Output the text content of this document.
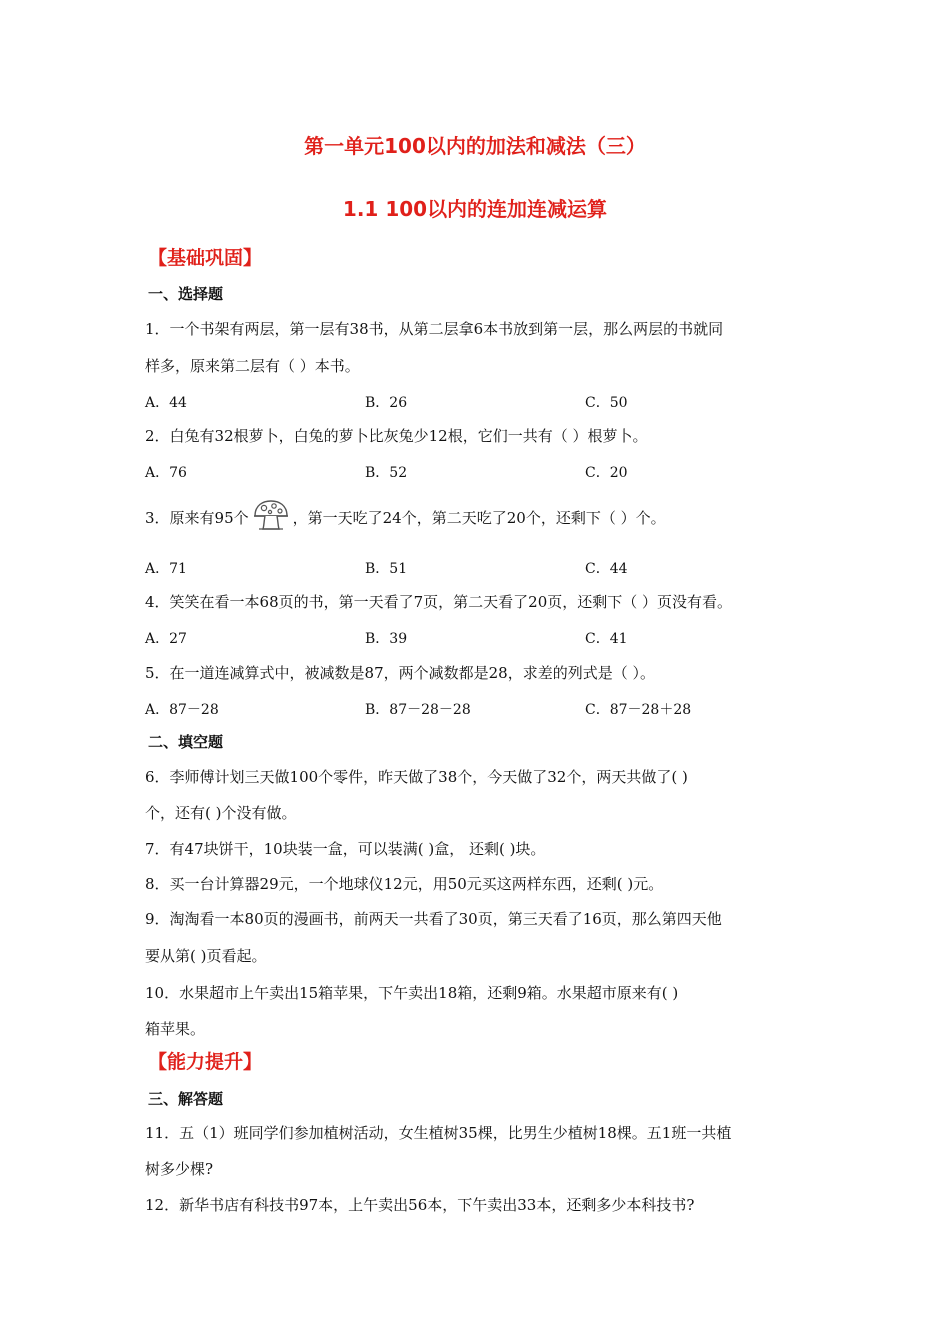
第一单元100以内的加法和减法（三）
1.1 100以内的连加连减运算
【基础巩固】
一、选择题
1．一个书架有两层，第一层有38书，从第二层拿6本书放到第一层，那么两层的书就同
样多，原来第二层有（ ）本书。
A．44	B．26	C．50
2．白兔有32根萝卜，白兔的萝卜比灰兔少12根，它们一共有（ ）根萝卜。
A．76	B．52	C．20
3．原来有95个	，第一天吃了24个，第二天吃了20个，还剩下（ ）个。
A．71	B．51	C．44
4．笑笑在看一本68页的书，第一天看了7页，第二天看了20页，还剩下（ ）页没有看。
A．27	B．39	C．41
5．在一道连减算式中，被减数是87，两个减数都是28，求差的列式是（ ）。
A．87－28	B．87－28－28	C．87－28＋28
二、填空题
6．李师傅计划三天做100个零件，昨天做了38个，今天做了32个，两天共做了( )
个，还有( )个没有做。
7．有47块饼干，10块装一盒，可以装满( )盒， 还剩( )块。
8．买一台计算器29元，一个地球仪12元，用50元买这两样东西，还剩( )元。
9．淘淘看一本80页的漫画书，前两天一共看了30页，第三天看了16页，那么第四天他
要从第( )页看起。
10．水果超市上午卖出15箱苹果，下午卖出18箱，还剩9箱。水果超市原来有( )
箱苹果。
【能力提升】
三、解答题
11．五（1）班同学们参加植树活动，女生植树35棵，比男生少植树18棵。五1班一共植
树多少棵?
12．新华书店有科技书97本，上午卖出56本，下午卖出33本，还剩多少本科技书?
